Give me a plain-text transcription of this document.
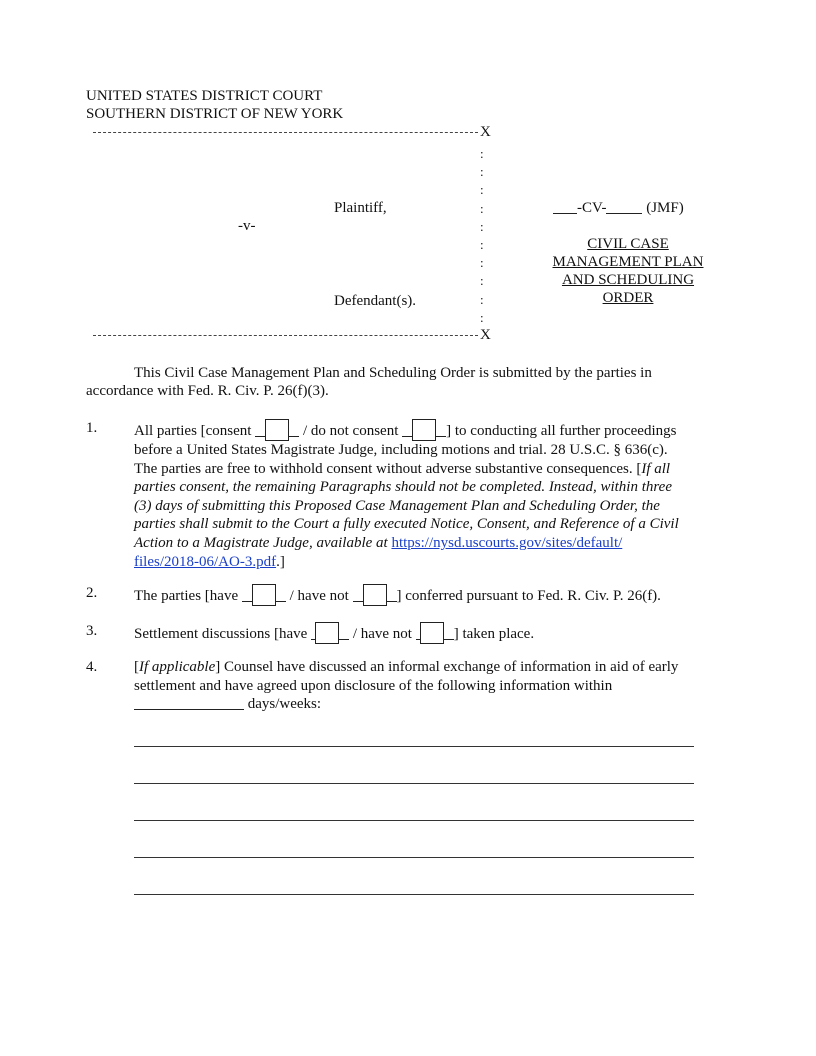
UNITED STATES DISTRICT COURT
SOUTHERN DISTRICT OF NEW YORK
X
:
:
:
:
:
:
:
:
:
:
Plaintiff,
-v-
Defendant(s).
-CV-	(JMF)
CIVIL CASE
MANAGEMENT PLAN
AND SCHEDULING
ORDER
X
This Civil Case Management Plan and Scheduling Order is submitted by the parties in
accordance with Fed. R. Civ. P. 26(f)(3).
1. All parties [consent	/ do not consent	] to conducting all further proceedings
before a United States Magistrate Judge, including motions and trial. 28 U.S.C. § 636(c).
The parties are free to withhold consent without adverse substantive consequences. [If all
parties consent, the remaining Paragraphs should not be completed. Instead, within three
(3) days of submitting this Proposed Case Management Plan and Scheduling Order, the
parties shall submit to the Court a fully executed Notice, Consent, and Reference of a Civil
Action to a Magistrate Judge, available at https://nysd.uscourts.gov/sites/default/
files/2018-06/AO-3.pdf.]
2. The parties [have	/ have not	] conferred pursuant to Fed. R. Civ. P. 26(f).
3. Settlement discussions [have	/ have not	] taken place.
4. [If applicable] Counsel have discussed an informal exchange of information in aid of early
settlement and have agreed upon disclosure of the following information within
days/weeks:
